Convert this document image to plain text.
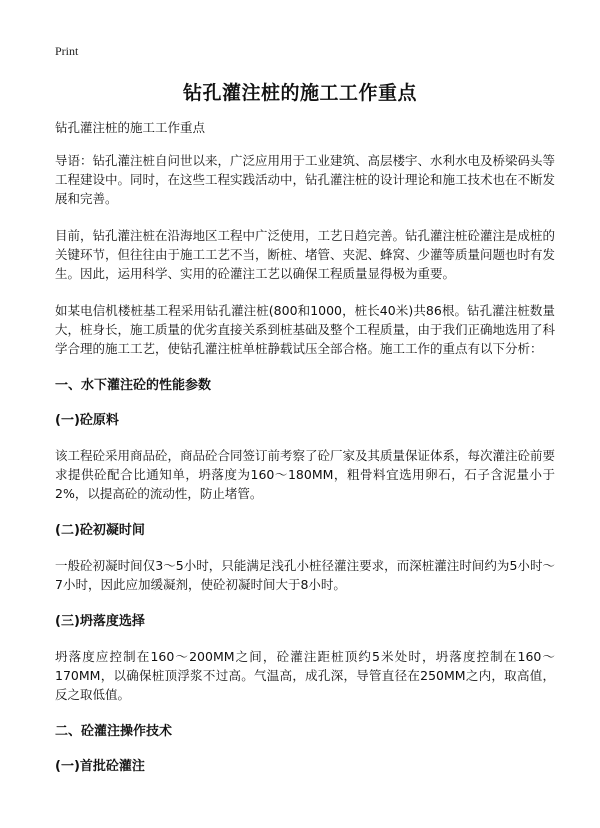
Print
钻孔灌注桩的施工工作重点

钻孔灌注桩的施工工作重点

导语：钻孔灌注桩自问世以来，广泛应用用于工业建筑、高层楼宇、水利水电及桥梁码头等工程建设中。同时，在这些工程实践活动中，钻孔灌注桩的设计理论和施工技术也在不断发展和完善。

目前，钻孔灌注桩在沿海地区工程中广泛使用，工艺日趋完善。钻孔灌注桩砼灌注是成桩的关键环节，但往往由于施工工艺不当，断桩、堵管、夹泥、蜂窝、少灌等质量问题也时有发生。因此，运用科学、实用的砼灌注工艺以确保工程质量显得极为重要。

如某电信机楼桩基工程采用钻孔灌注桩(800和1000，桩长40米)共86根。钻孔灌注桩数量大，桩身长，施工质量的优劣直接关系到桩基础及整个工程质量，由于我们正确地选用了科学合理的施工工艺，使钻孔灌注桩单桩静载试压全部合格。施工工作的重点有以下分析：

一、水下灌注砼的性能参数
(一)砼原料

该工程砼采用商品砼，商品砼合同签订前考察了砼厂家及其质量保证体系，每次灌注砼前要求提供砼配合比通知单，坍落度为160～180MM，粗骨料宜选用卵石，石子含泥量小于2%，以提高砼的流动性，防止堵管。

(二)砼初凝时间

一般砼初凝时间仅3～5小时，只能满足浅孔小桩径灌注要求，而深桩灌注时间约为5小时～7小时，因此应加缓凝剂，使砼初凝时间大于8小时。

(三)坍落度选择

坍落度应控制在160～200MM之间，砼灌注距桩顶约5米处时，坍落度控制在160～170MM，以确保桩顶浮浆不过高。气温高，成孔深，导管直径在250MM之内，取高值，反之取低值。

二、砼灌注操作技术
(一)首批砼灌注
